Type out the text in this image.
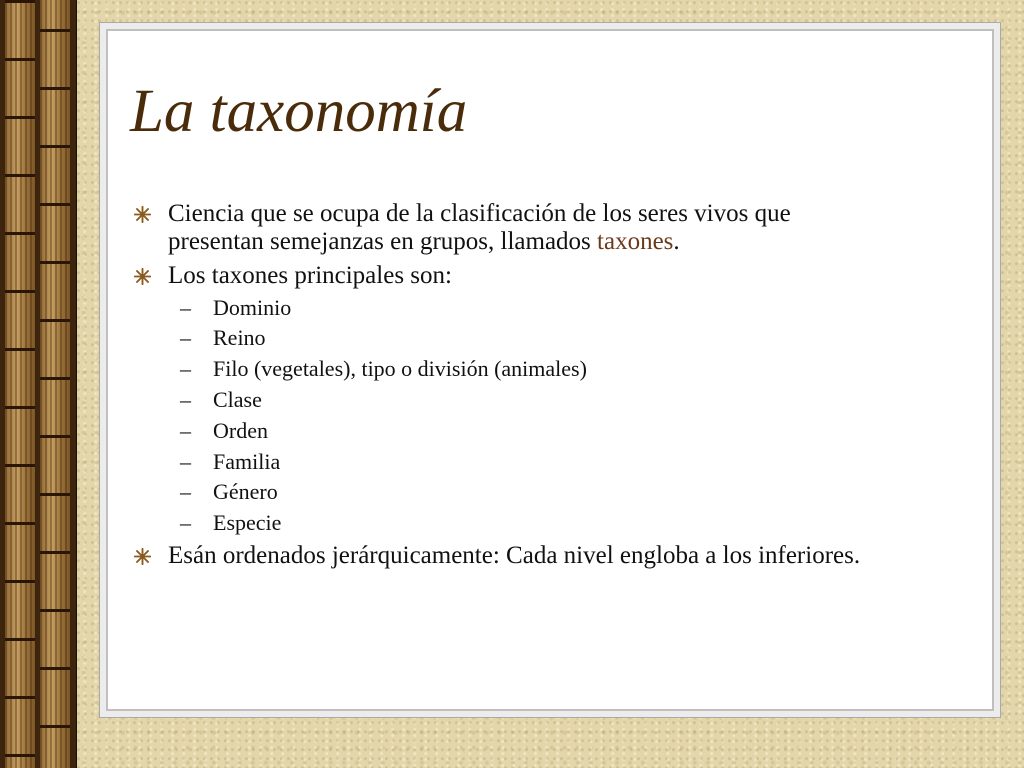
La taxonomía
Ciencia que se ocupa de la clasificación de los seres vivos que
presentan semejanzas en grupos, llamados taxones.
Los taxones principales son:
– Dominio
– Reino
– Filo (vegetales), tipo o división (animales)
– Clase
– Orden
– Familia
– Género
– Especie
Esán ordenados jerárquicamente: Cada nivel engloba a los inferiores.
